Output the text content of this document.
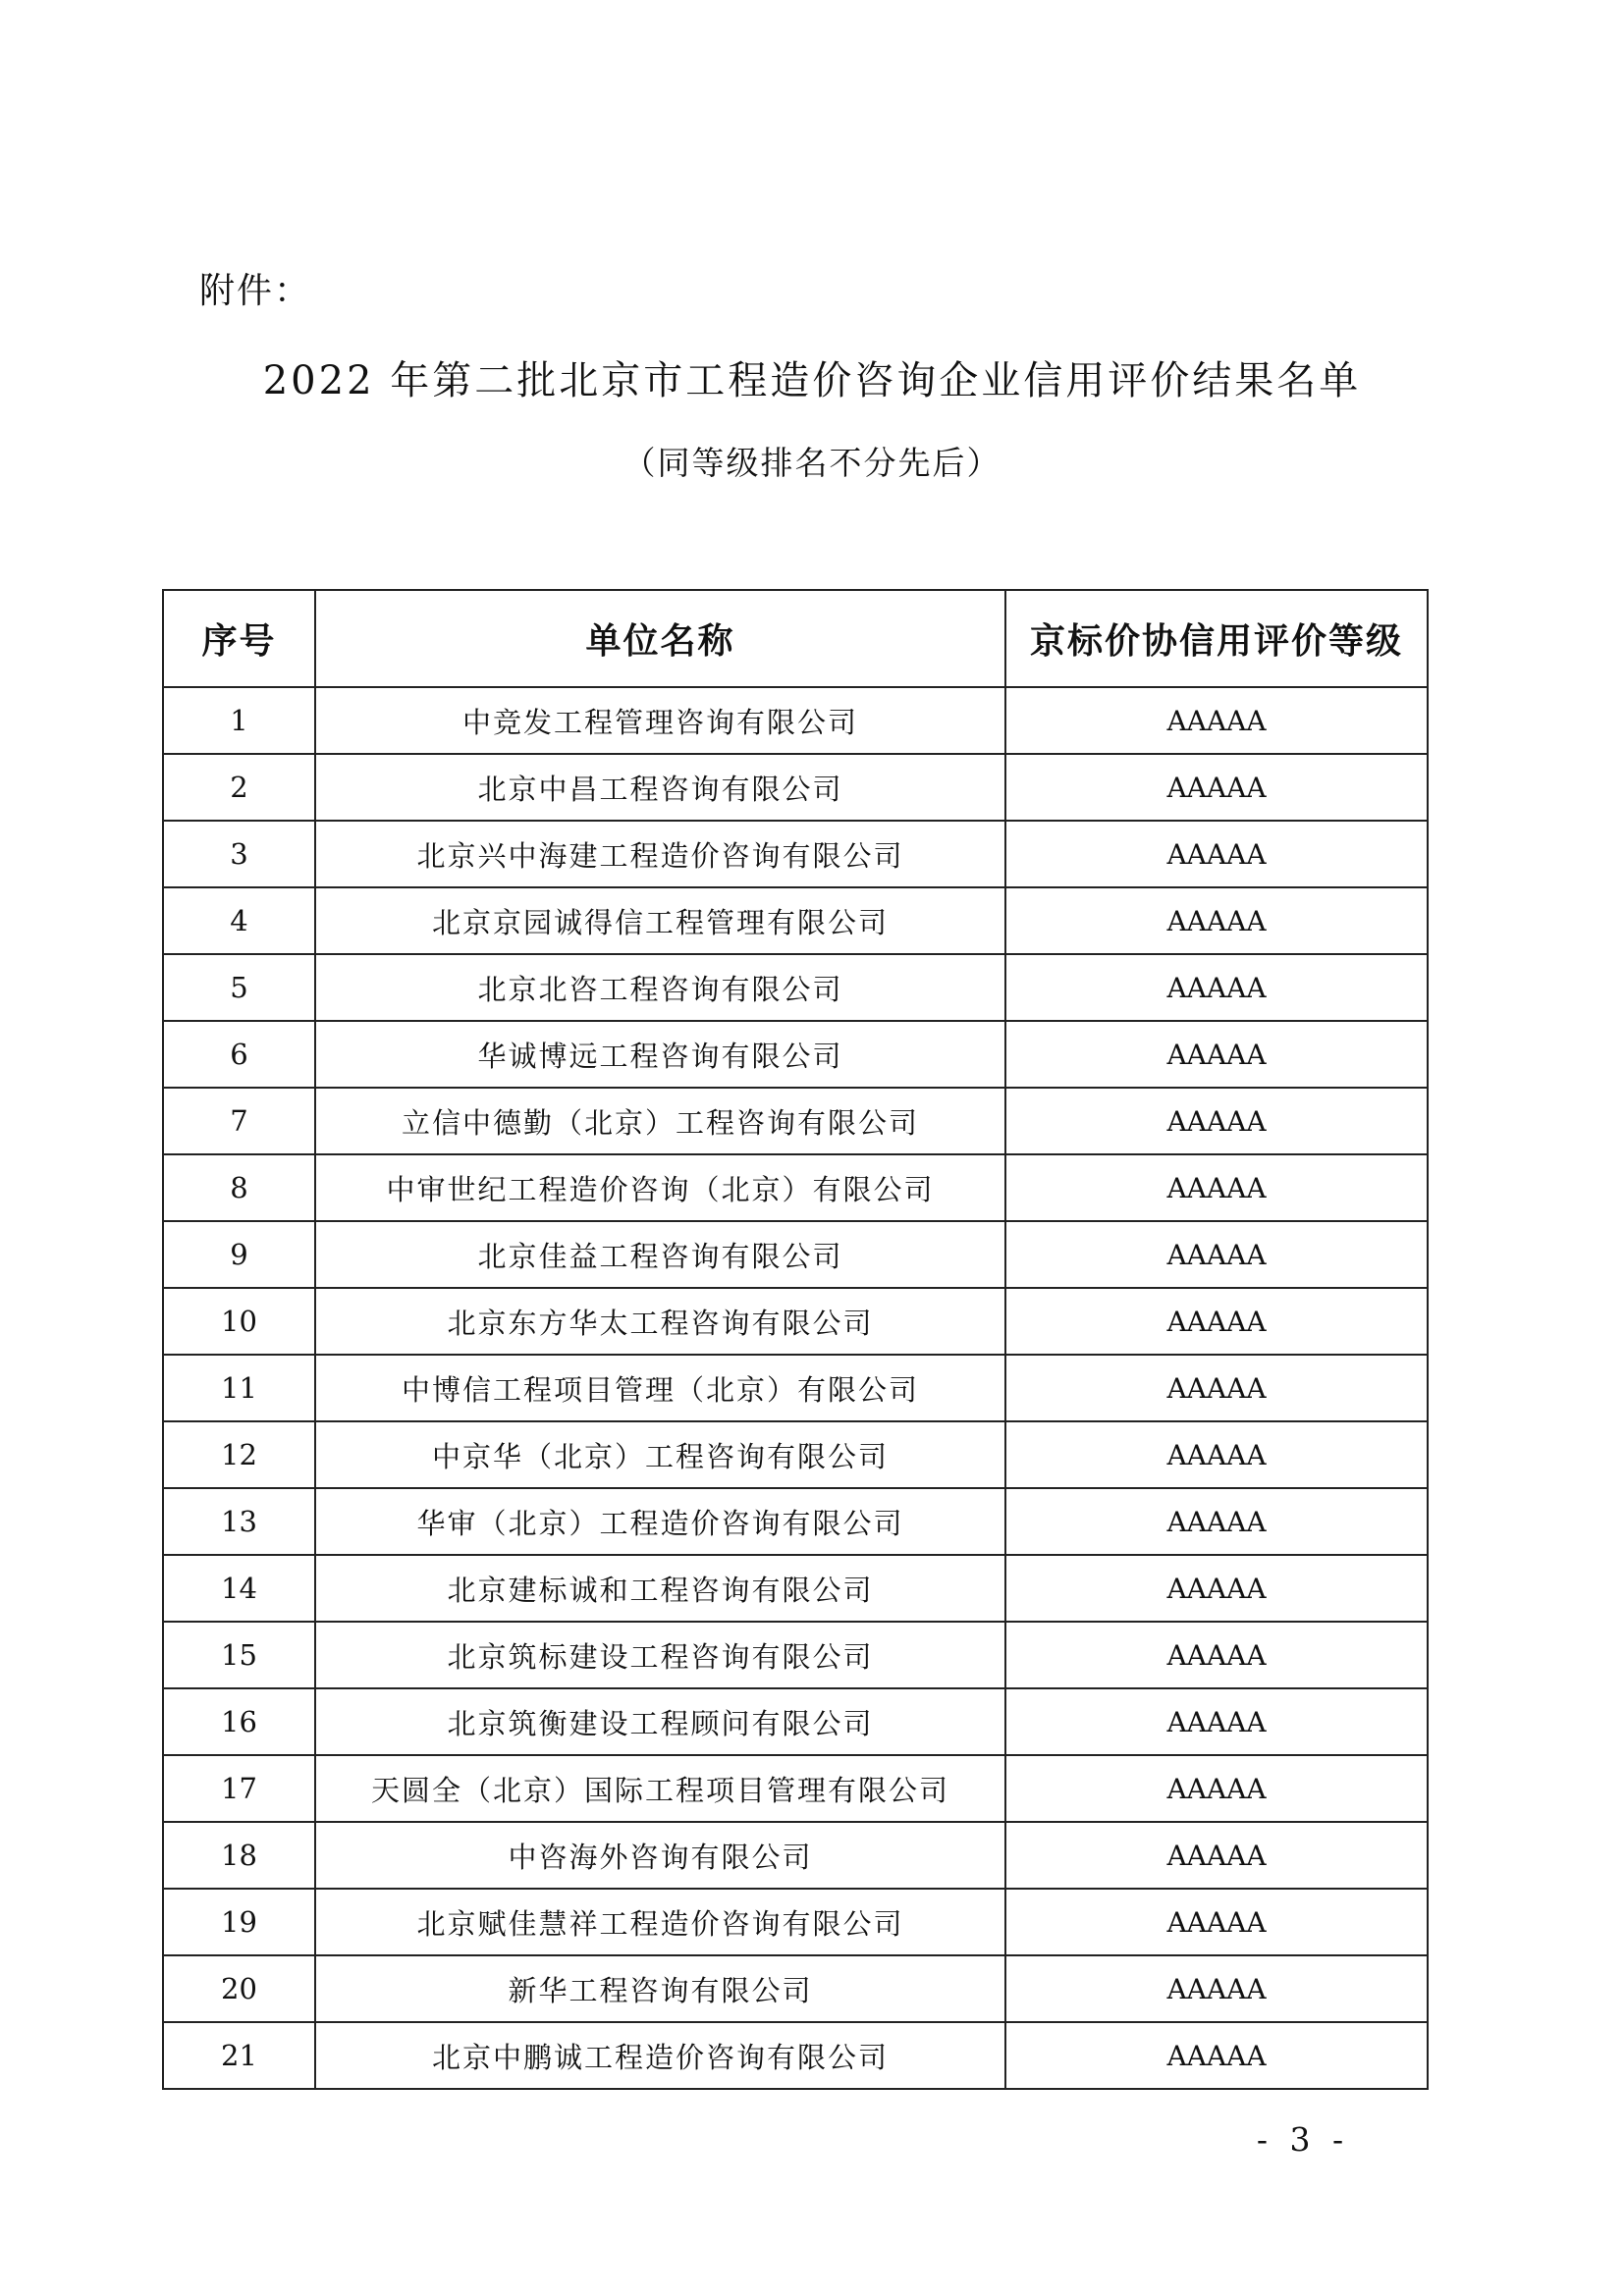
附件：
2022 年第二批北京市工程造价咨询企业信用评价结果名单
（同等级排名不分先后）
序号	单位名称	京标价协信用评价等级
1	中竞发工程管理咨询有限公司	AAAAA
2	北京中昌工程咨询有限公司	AAAAA
3	北京兴中海建工程造价咨询有限公司	AAAAA
4	北京京园诚得信工程管理有限公司	AAAAA
5	北京北咨工程咨询有限公司	AAAAA
6	华诚博远工程咨询有限公司	AAAAA
7	立信中德勤（北京）工程咨询有限公司	AAAAA
8	中审世纪工程造价咨询（北京）有限公司	AAAAA
9	北京佳益工程咨询有限公司	AAAAA
10	北京东方华太工程咨询有限公司	AAAAA
11	中博信工程项目管理（北京）有限公司	AAAAA
12	中京华（北京）工程咨询有限公司	AAAAA
13	华审（北京）工程造价咨询有限公司	AAAAA
14	北京建标诚和工程咨询有限公司	AAAAA
15	北京筑标建设工程咨询有限公司	AAAAA
16	北京筑衡建设工程顾问有限公司	AAAAA
17	天圆全（北京）国际工程项目管理有限公司	AAAAA
18	中咨海外咨询有限公司	AAAAA
19	北京赋佳慧祥工程造价咨询有限公司	AAAAA
20	新华工程咨询有限公司	AAAAA
21	北京中鹏诚工程造价咨询有限公司	AAAAA
- 3 -
